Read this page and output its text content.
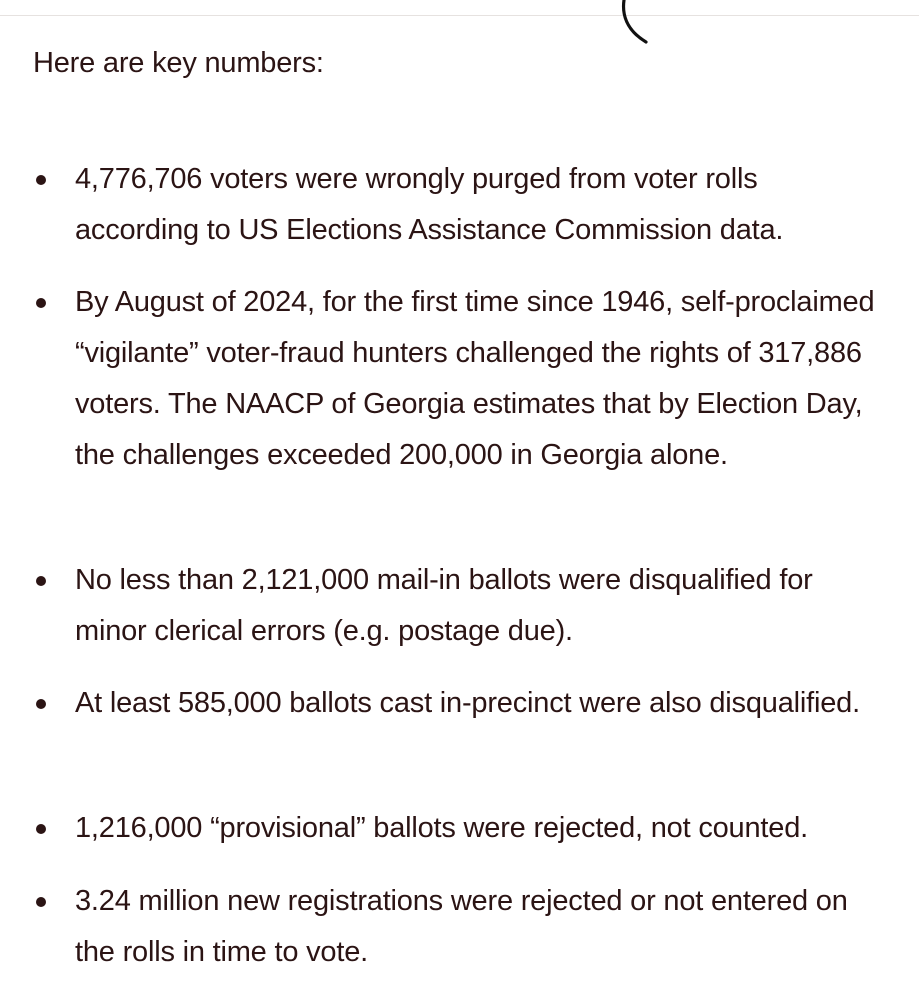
Here are key numbers:

4,776,706 voters were wrongly purged from voter rolls according to US Elections Assistance Commission data.

By August of 2024, for the first time since 1946, self-proclaimed “vigilante” voter-fraud hunters challenged the rights of 317,886 voters. The NAACP of Georgia estimates that by Election Day, the challenges exceeded 200,000 in Georgia alone.

No less than 2,121,000 mail-in ballots were disqualified for minor clerical errors (e.g. postage due).

At least 585,000 ballots cast in-precinct were also disqualified.

1,216,000 “provisional” ballots were rejected, not counted.

3.24 million new registrations were rejected or not entered on the rolls in time to vote.
